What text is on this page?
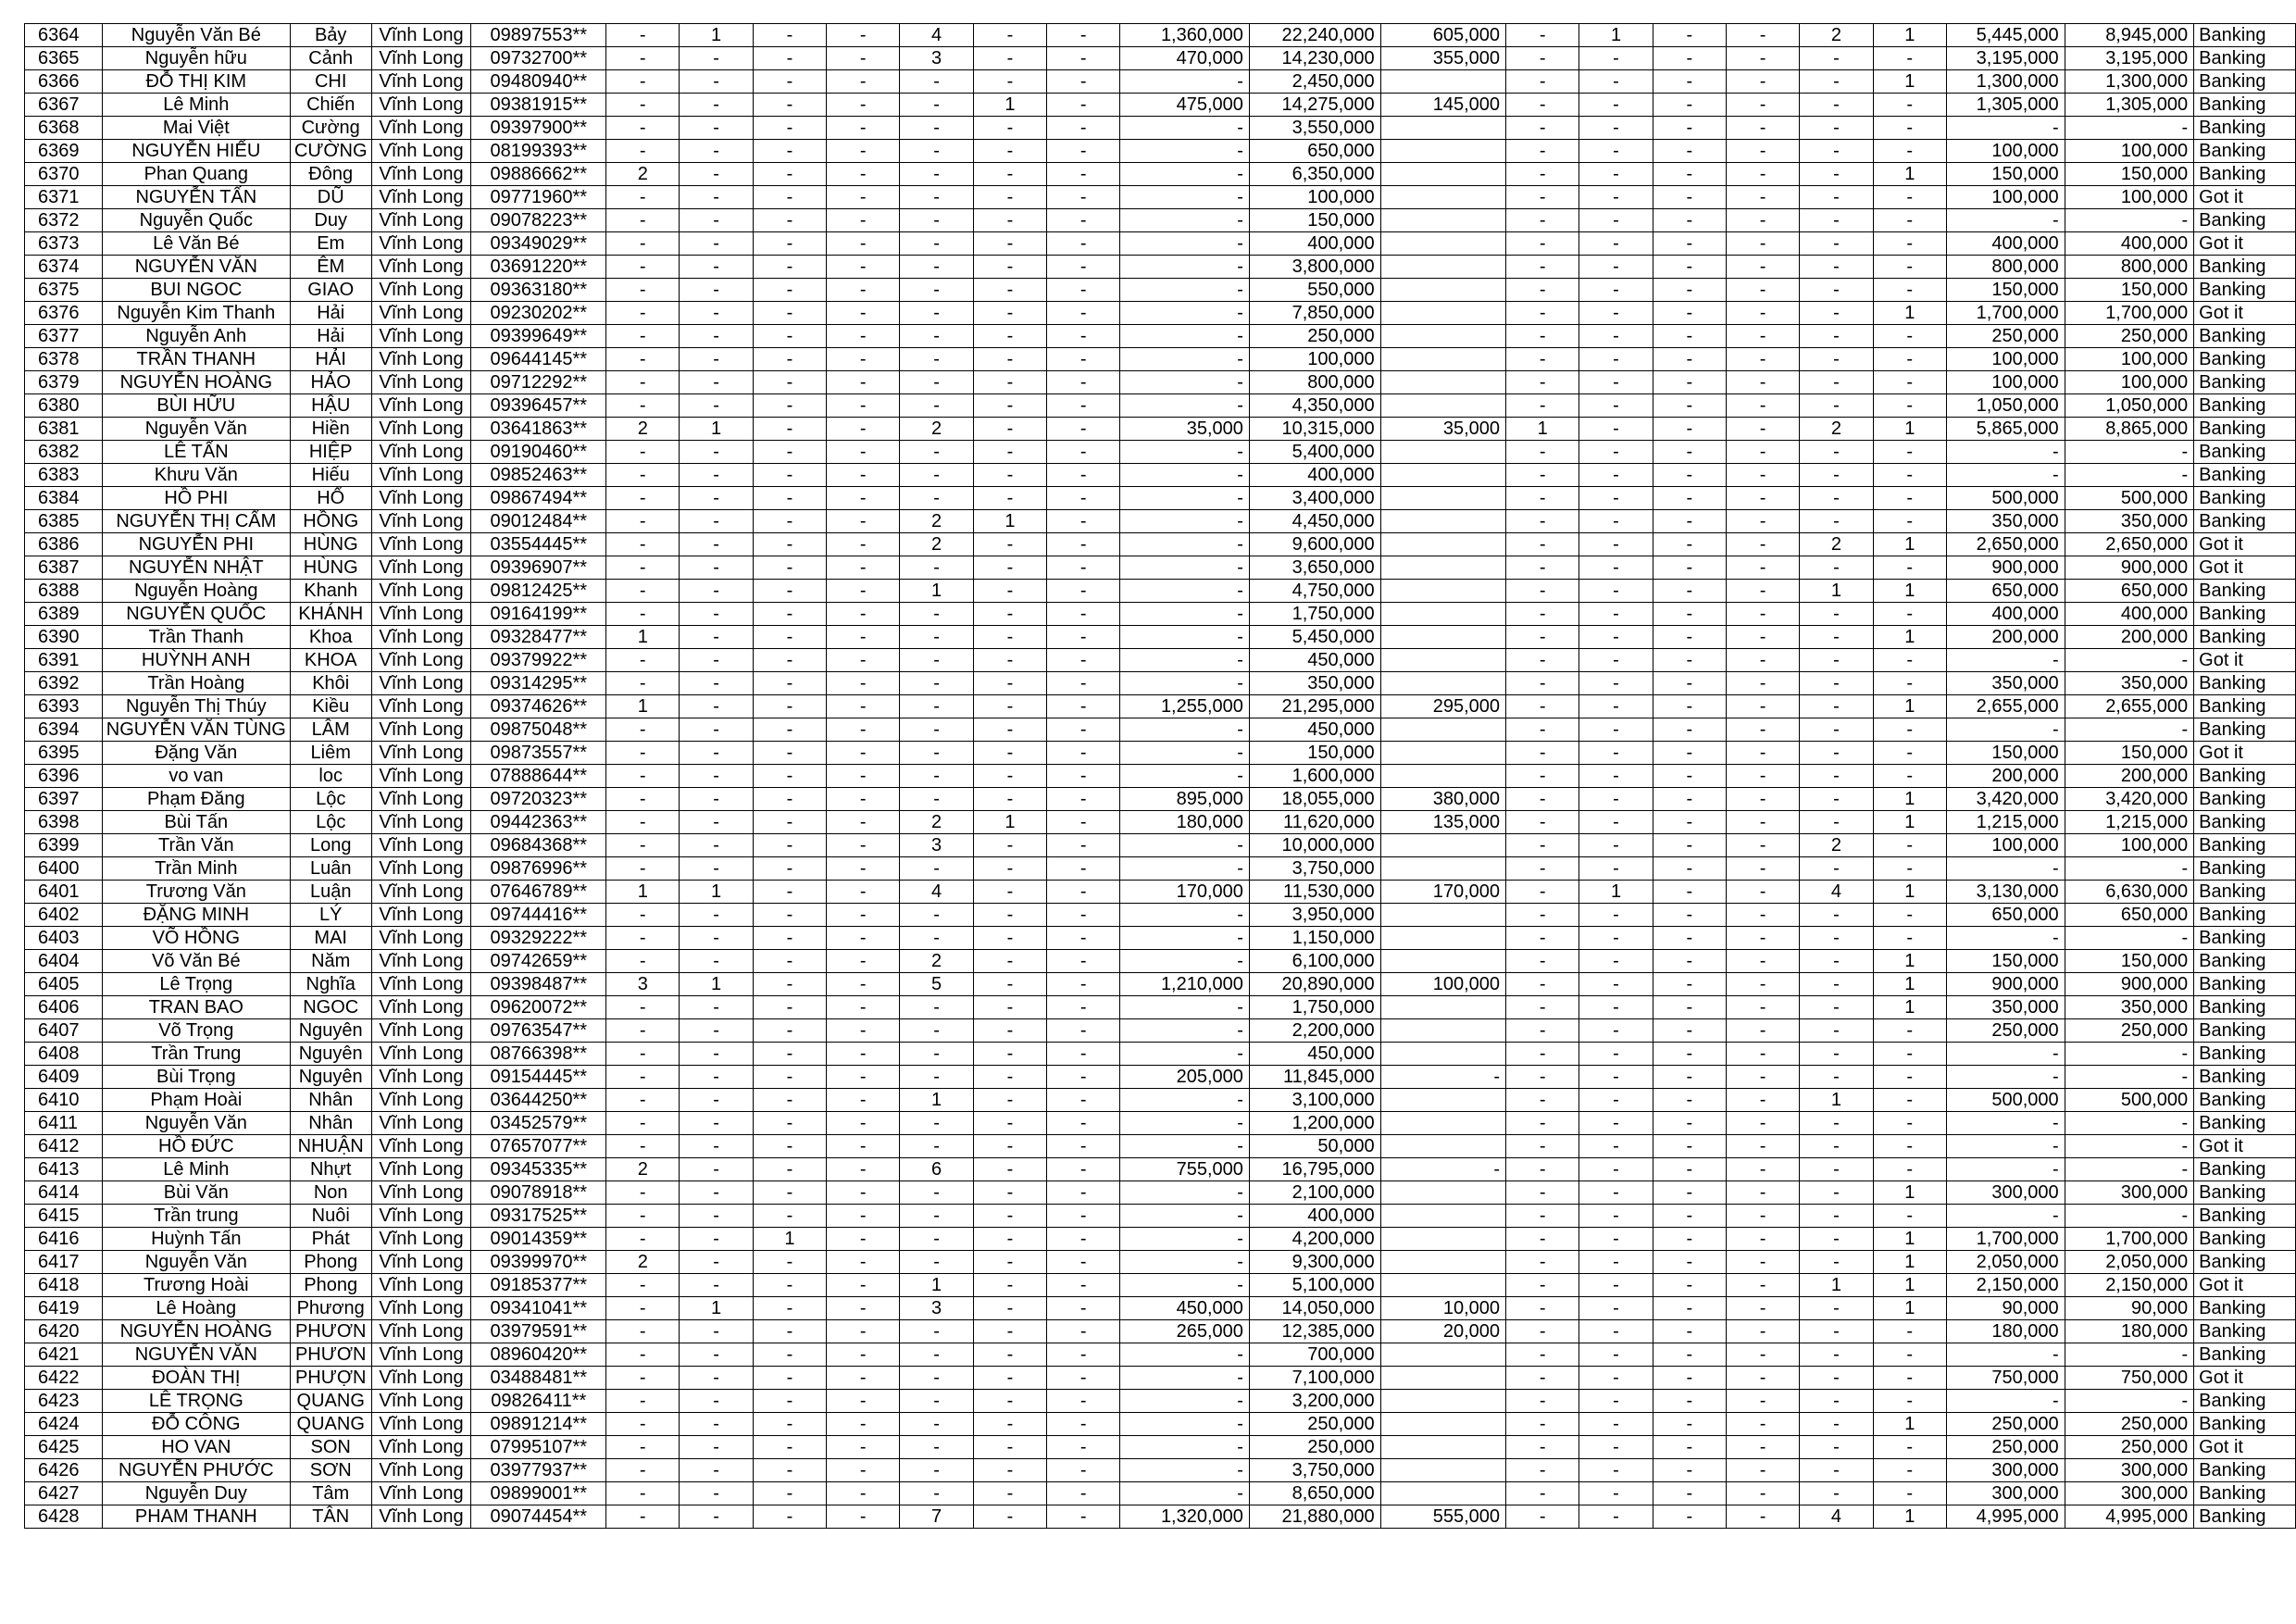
6364	Nguyễn Văn Bé	Bảy	Vĩnh Long	09897553**	-	1	-	-	4	-	-	1,360,000	22,240,000	605,000	-	1	-	-	2	1	5,445,000	8,945,000	Banking
6365	Nguyễn hữu	Cảnh	Vĩnh Long	09732700**	-	-	-	-	3	-	-	470,000	14,230,000	355,000	-	-	-	-	-	-	3,195,000	3,195,000	Banking
6366	ĐỖ THỊ KIM	CHI	Vĩnh Long	09480940**	-	-	-	-	-	-	-	-	2,450,000		-	-	-	-	-	1	1,300,000	1,300,000	Banking
6367	Lê Minh	Chiến	Vĩnh Long	09381915**	-	-	-	-	-	1	-	475,000	14,275,000	145,000	-	-	-	-	-	-	1,305,000	1,305,000	Banking
6368	Mai Việt	Cường	Vĩnh Long	09397900**	-	-	-	-	-	-	-	-	3,550,000		-	-	-	-	-	-	-	-	Banking
6369	NGUYỄN HIẾU	CƯỜNG	Vĩnh Long	08199393**	-	-	-	-	-	-	-	-	650,000		-	-	-	-	-	-	100,000	100,000	Banking
6370	Phan Quang	Đông	Vĩnh Long	09886662**	2	-	-	-	-	-	-	-	6,350,000		-	-	-	-	-	1	150,000	150,000	Banking
6371	NGUYỄN TẤN	DŨ	Vĩnh Long	09771960**	-	-	-	-	-	-	-	-	100,000		-	-	-	-	-	-	100,000	100,000	Got it
6372	Nguyễn Quốc	Duy	Vĩnh Long	09078223**	-	-	-	-	-	-	-	-	150,000		-	-	-	-	-	-	-	-	Banking
6373	Lê Văn Bé	Em	Vĩnh Long	09349029**	-	-	-	-	-	-	-	-	400,000		-	-	-	-	-	-	400,000	400,000	Got it
6374	NGUYỄN VĂN	ÊM	Vĩnh Long	03691220**	-	-	-	-	-	-	-	-	3,800,000		-	-	-	-	-	-	800,000	800,000	Banking
6375	BUI NGOC	GIAO	Vĩnh Long	09363180**	-	-	-	-	-	-	-	-	550,000		-	-	-	-	-	-	150,000	150,000	Banking
6376	Nguyễn Kim Thanh	Hải	Vĩnh Long	09230202**	-	-	-	-	-	-	-	-	7,850,000		-	-	-	-	-	1	1,700,000	1,700,000	Got it
6377	Nguyễn Anh	Hải	Vĩnh Long	09399649**	-	-	-	-	-	-	-	-	250,000		-	-	-	-	-	-	250,000	250,000	Banking
6378	TRẦN THANH	HẢI	Vĩnh Long	09644145**	-	-	-	-	-	-	-	-	100,000		-	-	-	-	-	-	100,000	100,000	Banking
6379	NGUYỄN HOÀNG	HẢO	Vĩnh Long	09712292**	-	-	-	-	-	-	-	-	800,000		-	-	-	-	-	-	100,000	100,000	Banking
6380	BÙI HỮU	HẬU	Vĩnh Long	09396457**	-	-	-	-	-	-	-	-	4,350,000		-	-	-	-	-	-	1,050,000	1,050,000	Banking
6381	Nguyễn Văn	Hiền	Vĩnh Long	03641863**	2	1	-	-	2	-	-	35,000	10,315,000	35,000	1	-	-	-	2	1	5,865,000	8,865,000	Banking
6382	LÊ TẤN	HIỆP	Vĩnh Long	09190460**	-	-	-	-	-	-	-	-	5,400,000		-	-	-	-	-	-	-	-	Banking
6383	Khưu Văn	Hiếu	Vĩnh Long	09852463**	-	-	-	-	-	-	-	-	400,000		-	-	-	-	-	-	-	-	Banking
6384	HỒ PHI	HỔ	Vĩnh Long	09867494**	-	-	-	-	-	-	-	-	3,400,000		-	-	-	-	-	-	500,000	500,000	Banking
6385	NGUYỄN THỊ CẨM	HỒNG	Vĩnh Long	09012484**	-	-	-	-	2	1	-	-	4,450,000		-	-	-	-	-	-	350,000	350,000	Banking
6386	NGUYỄN PHI	HÙNG	Vĩnh Long	03554445**	-	-	-	-	2	-	-	-	9,600,000		-	-	-	-	2	1	2,650,000	2,650,000	Got it
6387	NGUYỄN NHẬT	HÙNG	Vĩnh Long	09396907**	-	-	-	-	-	-	-	-	3,650,000		-	-	-	-	-	-	900,000	900,000	Got it
6388	Nguyễn Hoàng	Khanh	Vĩnh Long	09812425**	-	-	-	-	1	-	-	-	4,750,000		-	-	-	-	1	1	650,000	650,000	Banking
6389	NGUYỄN QUỐC	KHÁNH	Vĩnh Long	09164199**	-	-	-	-	-	-	-	-	1,750,000		-	-	-	-	-	-	400,000	400,000	Banking
6390	Trần Thanh	Khoa	Vĩnh Long	09328477**	1	-	-	-	-	-	-	-	5,450,000		-	-	-	-	-	1	200,000	200,000	Banking
6391	HUỲNH ANH	KHOA	Vĩnh Long	09379922**	-	-	-	-	-	-	-	-	450,000		-	-	-	-	-	-	-	-	Got it
6392	Trần Hoàng	Khôi	Vĩnh Long	09314295**	-	-	-	-	-	-	-	-	350,000		-	-	-	-	-	-	350,000	350,000	Banking
6393	Nguyễn Thị Thúy	Kiều	Vĩnh Long	09374626**	1	-	-	-	-	-	-	1,255,000	21,295,000	295,000	-	-	-	-	-	1	2,655,000	2,655,000	Banking
6394	NGUYỄN VĂN TÙNG	LÂM	Vĩnh Long	09875048**	-	-	-	-	-	-	-	-	450,000		-	-	-	-	-	-	-	-	Banking
6395	Đặng Văn	Liêm	Vĩnh Long	09873557**	-	-	-	-	-	-	-	-	150,000		-	-	-	-	-	-	150,000	150,000	Got it
6396	vo van	loc	Vĩnh Long	07888644**	-	-	-	-	-	-	-	-	1,600,000		-	-	-	-	-	-	200,000	200,000	Banking
6397	Phạm Đăng	Lộc	Vĩnh Long	09720323**	-	-	-	-	-	-	-	895,000	18,055,000	380,000	-	-	-	-	-	1	3,420,000	3,420,000	Banking
6398	Bùi Tấn	Lộc	Vĩnh Long	09442363**	-	-	-	-	2	1	-	180,000	11,620,000	135,000	-	-	-	-	-	1	1,215,000	1,215,000	Banking
6399	Trần Văn	Long	Vĩnh Long	09684368**	-	-	-	-	3	-	-	-	10,000,000		-	-	-	-	2	-	100,000	100,000	Banking
6400	Trần Minh	Luân	Vĩnh Long	09876996**	-	-	-	-	-	-	-	-	3,750,000		-	-	-	-	-	-	-	-	Banking
6401	Trương Văn	Luận	Vĩnh Long	07646789**	1	1	-	-	4	-	-	170,000	11,530,000	170,000	-	1	-	-	4	1	3,130,000	6,630,000	Banking
6402	ĐẶNG MINH	LÝ	Vĩnh Long	09744416**	-	-	-	-	-	-	-	-	3,950,000		-	-	-	-	-	-	650,000	650,000	Banking
6403	VÕ HỒNG	MAI	Vĩnh Long	09329222**	-	-	-	-	-	-	-	-	1,150,000		-	-	-	-	-	-	-	-	Banking
6404	Võ Văn Bé	Năm	Vĩnh Long	09742659**	-	-	-	-	2	-	-	-	6,100,000		-	-	-	-	-	1	150,000	150,000	Banking
6405	Lê Trọng	Nghĩa	Vĩnh Long	09398487**	3	1	-	-	5	-	-	1,210,000	20,890,000	100,000	-	-	-	-	-	1	900,000	900,000	Banking
6406	TRAN BAO	NGOC	Vĩnh Long	09620072**	-	-	-	-	-	-	-	-	1,750,000		-	-	-	-	-	1	350,000	350,000	Banking
6407	Võ Trọng	Nguyên	Vĩnh Long	09763547**	-	-	-	-	-	-	-	-	2,200,000		-	-	-	-	-	-	250,000	250,000	Banking
6408	Trần Trung	Nguyên	Vĩnh Long	08766398**	-	-	-	-	-	-	-	-	450,000		-	-	-	-	-	-	-	-	Banking
6409	Bùi Trọng	Nguyên	Vĩnh Long	09154445**	-	-	-	-	-	-	-	205,000	11,845,000	-	-	-	-	-	-	-	-	-	Banking
6410	Phạm Hoài	Nhân	Vĩnh Long	03644250**	-	-	-	-	1	-	-	-	3,100,000		-	-	-	-	1	-	500,000	500,000	Banking
6411	Nguyễn Văn	Nhân	Vĩnh Long	03452579**	-	-	-	-	-	-	-	-	1,200,000		-	-	-	-	-	-	-	-	Banking
6412	HỒ ĐỨC	NHUẬN	Vĩnh Long	07657077**	-	-	-	-	-	-	-	-	50,000		-	-	-	-	-	-	-	-	Got it
6413	Lê Minh	Nhựt	Vĩnh Long	09345335**	2	-	-	-	6	-	-	755,000	16,795,000	-	-	-	-	-	-	-	-	-	Banking
6414	Bùi Văn	Non	Vĩnh Long	09078918**	-	-	-	-	-	-	-	-	2,100,000		-	-	-	-	-	1	300,000	300,000	Banking
6415	Trần trung	Nuôi	Vĩnh Long	09317525**	-	-	-	-	-	-	-	-	400,000		-	-	-	-	-	-	-	-	Banking
6416	Huỳnh Tấn	Phát	Vĩnh Long	09014359**	-	-	1	-	-	-	-	-	4,200,000		-	-	-	-	-	1	1,700,000	1,700,000	Banking
6417	Nguyễn Văn	Phong	Vĩnh Long	09399970**	2	-	-	-	-	-	-	-	9,300,000		-	-	-	-	-	1	2,050,000	2,050,000	Banking
6418	Trương Hoài	Phong	Vĩnh Long	09185377**	-	-	-	-	1	-	-	-	5,100,000		-	-	-	-	1	1	2,150,000	2,150,000	Got it
6419	Lê Hoàng	Phương	Vĩnh Long	09341041**	-	1	-	-	3	-	-	450,000	14,050,000	10,000	-	-	-	-	-	1	90,000	90,000	Banking
6420	NGUYỄN HOÀNG	PHƯƠN	Vĩnh Long	03979591**	-	-	-	-	-	-	-	265,000	12,385,000	20,000	-	-	-	-	-	-	180,000	180,000	Banking
6421	NGUYỄN VĂN	PHƯƠN	Vĩnh Long	08960420**	-	-	-	-	-	-	-	-	700,000		-	-	-	-	-	-	-	-	Banking
6422	ĐOÀN THỊ	PHƯỢN	Vĩnh Long	03488481**	-	-	-	-	-	-	-	-	7,100,000		-	-	-	-	-	-	750,000	750,000	Got it
6423	LÊ TRỌNG	QUANG	Vĩnh Long	09826411**	-	-	-	-	-	-	-	-	3,200,000		-	-	-	-	-	-	-	-	Banking
6424	ĐỖ CÔNG	QUANG	Vĩnh Long	09891214**	-	-	-	-	-	-	-	-	250,000		-	-	-	-	-	1	250,000	250,000	Banking
6425	HO VAN	SON	Vĩnh Long	07995107**	-	-	-	-	-	-	-	-	250,000		-	-	-	-	-	-	250,000	250,000	Got it
6426	NGUYỄN PHƯỚC	SƠN	Vĩnh Long	03977937**	-	-	-	-	-	-	-	-	3,750,000		-	-	-	-	-	-	300,000	300,000	Banking
6427	Nguyễn Duy	Tâm	Vĩnh Long	09899001**	-	-	-	-	-	-	-	-	8,650,000		-	-	-	-	-	-	300,000	300,000	Banking
6428	PHAM THANH	TÂN	Vĩnh Long	09074454**	-	-	-	-	7	-	-	1,320,000	21,880,000	555,000	-	-	-	-	4	1	4,995,000	4,995,000	Banking
